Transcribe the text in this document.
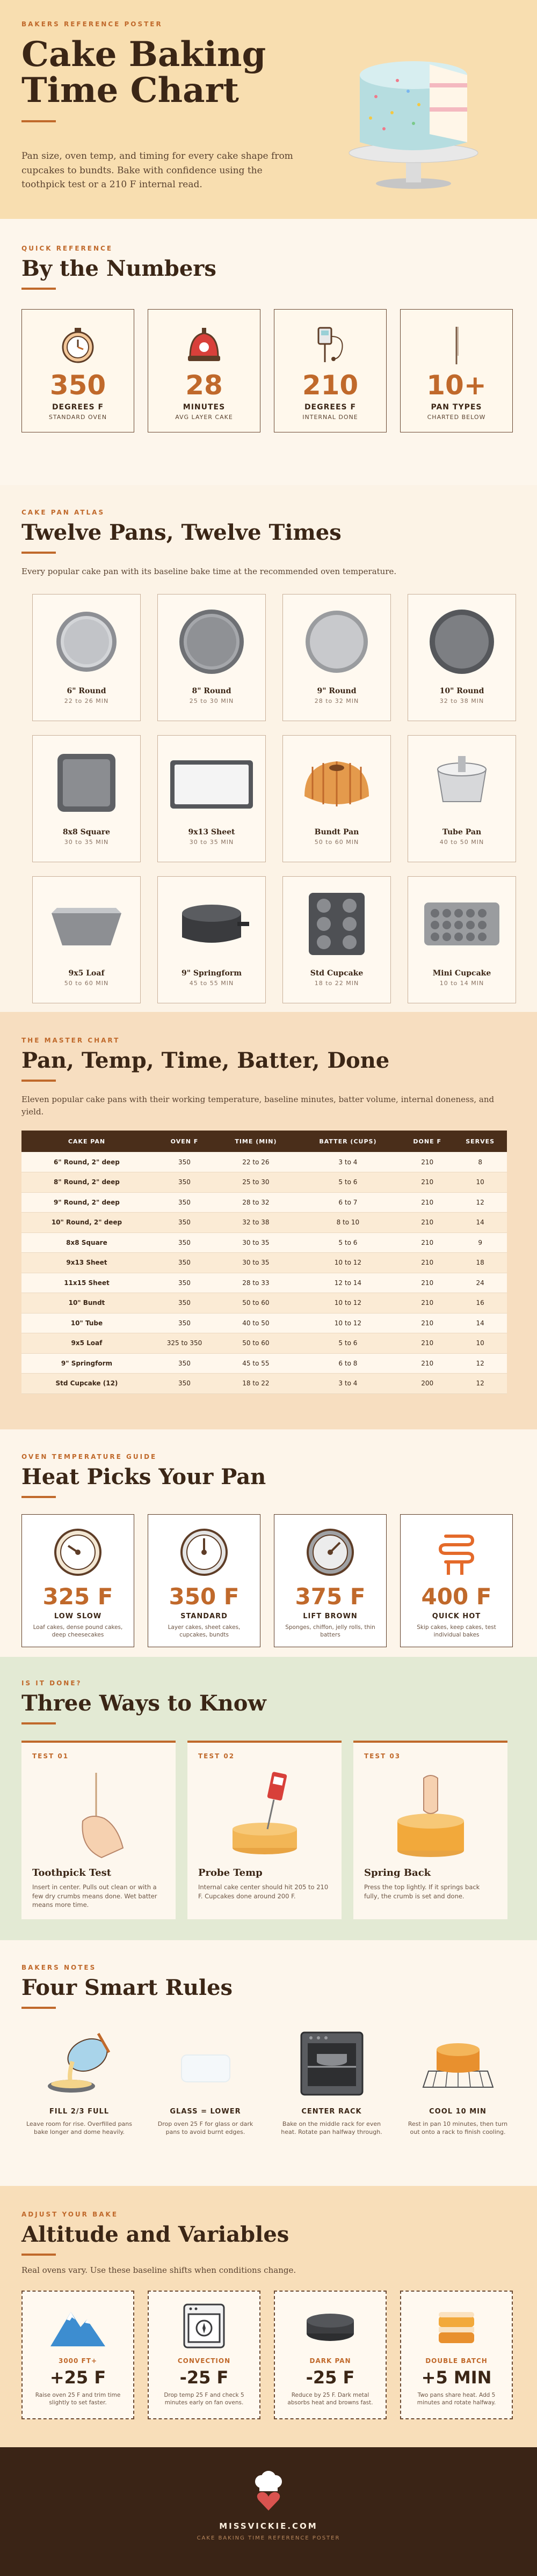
BAKERS REFERENCE POSTER
Cake Baking Time Chart

Pan size, oven temp, and timing for every cake shape from cupcakes to bundts. Bake with confidence using the toothpick test or a 210 F internal read.

QUICK REFERENCE
By the Numbers
350
DEGREES F
STANDARD OVEN
28
MINUTES
AVG LAYER CAKE
210
DEGREES F
INTERNAL DONE
10+
PAN TYPES
CHARTED BELOW
CAKE PAN ATLAS
Twelve Pans, Twelve Times

Every popular cake pan with its baseline bake time at the recommended oven temperature.

6" Round
22 to 26 MIN
8" Round
25 to 30 MIN
9" Round
28 to 32 MIN
10" Round
32 to 38 MIN
8x8 Square
30 to 35 MIN
9x13 Sheet
30 to 35 MIN
Bundt Pan
50 to 60 MIN
Tube Pan
40 to 50 MIN
9x5 Loaf
50 to 60 MIN
9" Springform
45 to 55 MIN
Std Cupcake
18 to 22 MIN
Mini Cupcake
10 to 14 MIN
THE MASTER CHART
Pan, Temp, Time, Batter, Done

Eleven popular cake pans with their working temperature, baseline minutes, batter volume, internal doneness, and yield.

CAKE PAN	OVEN F	TIME (MIN)	BATTER (CUPS)	DONE F	SERVES
6" Round, 2" deep	350	22 to 26	3 to 4	210	8
8" Round, 2" deep	350	25 to 30	5 to 6	210	10
9" Round, 2" deep	350	28 to 32	6 to 7	210	12
10" Round, 2" deep	350	32 to 38	8 to 10	210	14
8x8 Square	350	30 to 35	5 to 6	210	9
9x13 Sheet	350	30 to 35	10 to 12	210	18
11x15 Sheet	350	28 to 33	12 to 14	210	24
10" Bundt	350	50 to 60	10 to 12	210	16
10" Tube	350	40 to 50	10 to 12	210	14
9x5 Loaf	325 to 350	50 to 60	5 to 6	210	10
9" Springform	350	45 to 55	6 to 8	210	12
Std Cupcake (12)	350	18 to 22	3 to 4	200	12
OVEN TEMPERATURE GUIDE
Heat Picks Your Pan
325 F
LOW SLOW
Loaf cakes, dense pound cakes, deep cheesecakes
350 F
STANDARD
Layer cakes, sheet cakes, cupcakes, bundts
375 F
LIFT BROWN
Sponges, chiffon, jelly rolls, thin batters
400 F
QUICK HOT
Skip cakes, keep cakes, test individual bakes
IS IT DONE?
Three Ways to Know
TEST 01
Toothpick Test
Insert in center. Pulls out clean or with a few dry crumbs means done. Wet batter means more time.
TEST 02
Probe Temp
Internal cake center should hit 205 to 210 F. Cupcakes done around 200 F.
TEST 03
Spring Back
Press the top lightly. If it springs back fully, the crumb is set and done.
BAKERS NOTES
Four Smart Rules
FILL 2/3 FULL
Leave room for rise. Overfilled pans bake longer and dome heavily.
GLASS = LOWER
Drop oven 25 F for glass or dark pans to avoid burnt edges.
CENTER RACK
Bake on the middle rack for even heat. Rotate pan halfway through.
COOL 10 MIN
Rest in pan 10 minutes, then turn out onto a rack to finish cooling.
ADJUST YOUR BAKE
Altitude and Variables

Real ovens vary. Use these baseline shifts when conditions change.

3000 FT+
+25 F
Raise oven 25 F and trim time slightly to set faster.
CONVECTION
-25 F
Drop temp 25 F and check 5 minutes early on fan ovens.
DARK PAN
-25 F
Reduce by 25 F. Dark metal absorbs heat and browns fast.
DOUBLE BATCH
+5 MIN
Two pans share heat. Add 5 minutes and rotate halfway.
MISSVICKIE.COM
CAKE BAKING TIME REFERENCE POSTER
